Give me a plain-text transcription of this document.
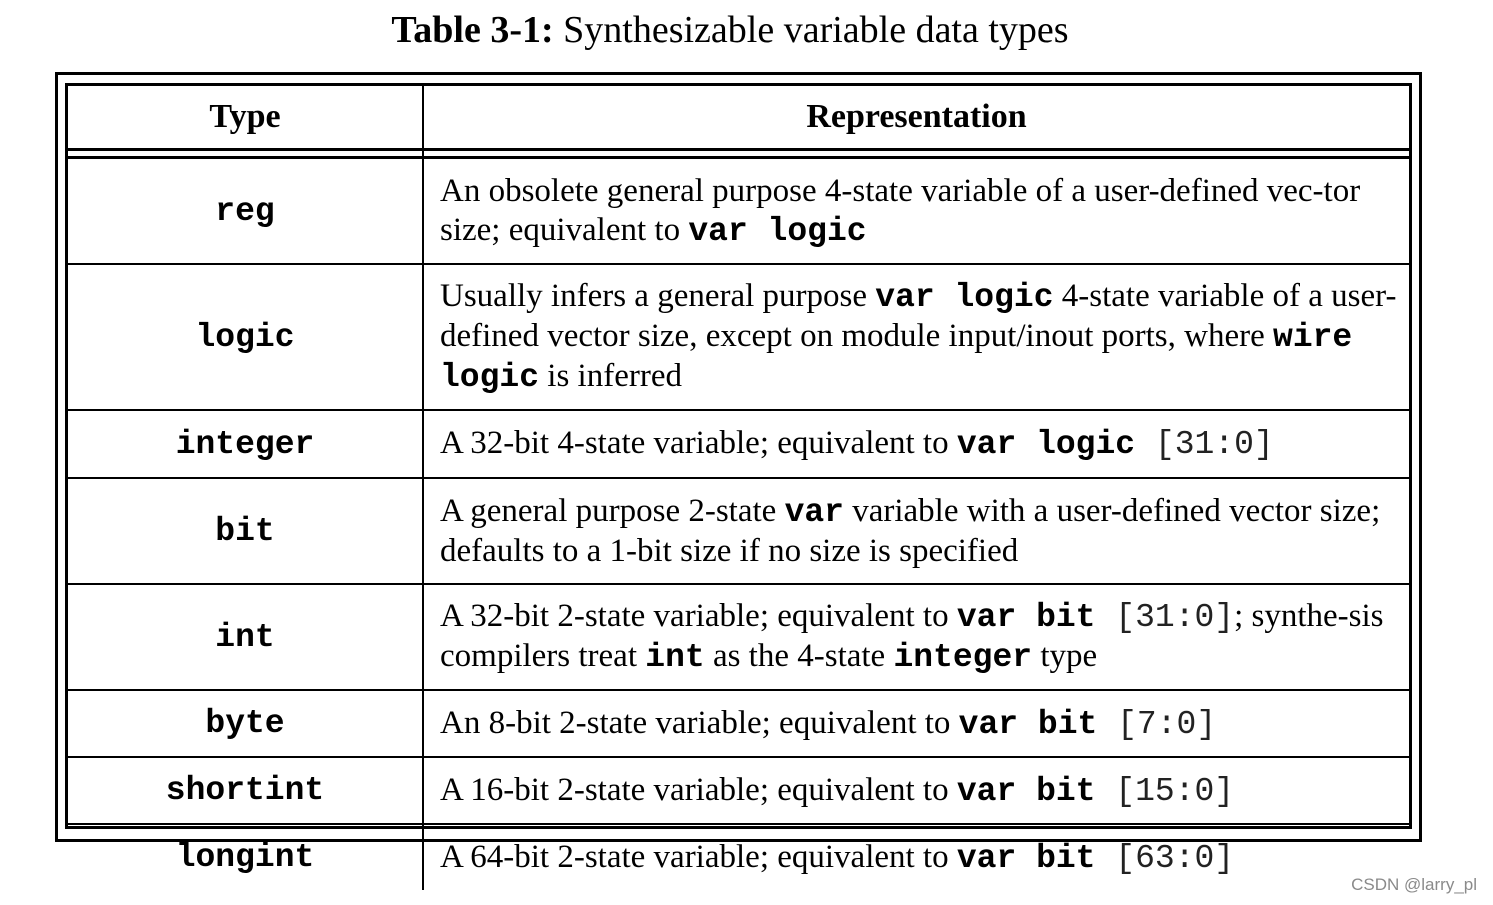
Table 3-1: Synthesizable variable data types
Type	Representation

reg	An obsolete general purpose 4-state variable of a user-defined vec-tor size; equivalent to var logic
logic	Usually infers a general purpose var logic 4-state variable of a user-defined vector size, except on module input/inout ports, where wire logic is inferred
integer	A 32-bit 4-state variable; equivalent to var logic [31:0]
bit	A general purpose 2-state var variable with a user-defined vector size; defaults to a 1-bit size if no size is specified
int	A 32-bit 2-state variable; equivalent to var bit [31:0]; synthe-sis compilers treat int as the 4-state integer type
byte	An 8-bit 2-state variable; equivalent to var bit [7:0]
shortint	A 16-bit 2-state variable; equivalent to var bit [15:0]
longint	A 64-bit 2-state variable; equivalent to var bit [63:0]
CSDN @larry_pl
